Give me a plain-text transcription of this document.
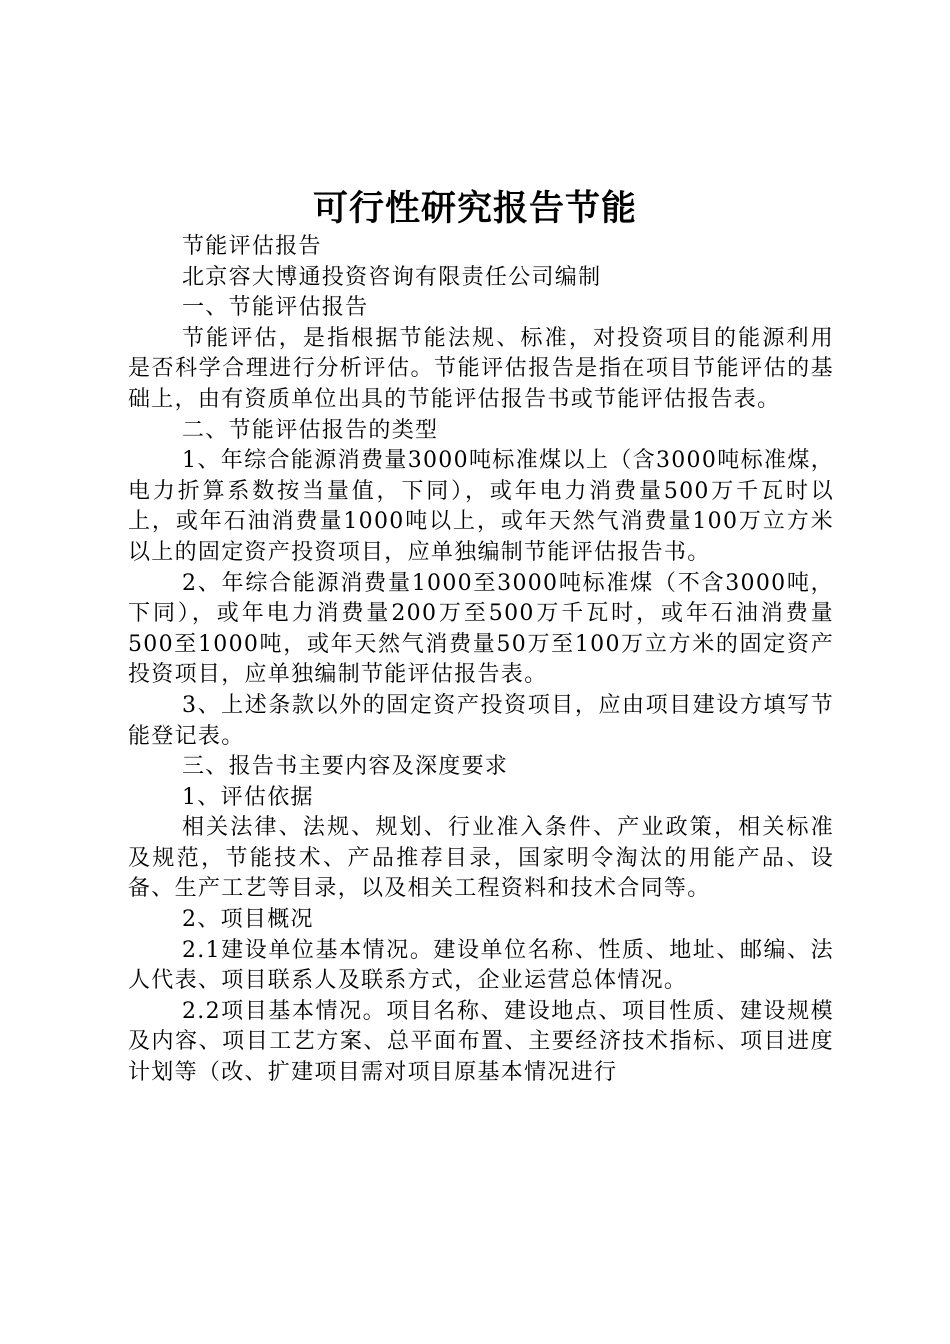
可行性研究报告节能

节能评估报告

北京容大博通投资咨询有限责任公司编制

一、节能评估报告

节能评估，是指根据节能法规、标准，对投资项目的能源利用是否科学合理进行分析评估。节能评估报告是指在项目节能评估的基础上，由有资质单位出具的节能评估报告书或节能评估报告表。

二、节能评估报告的类型

1、年综合能源消费量3000吨标准煤以上（含3000吨标准煤，电力折算系数按当量值，下同），或年电力消费量500万千瓦时以上，或年石油消费量1000吨以上，或年天然气消费量100万立方米以上的固定资产投资项目，应单独编制节能评估报告书。

2、年综合能源消费量1000至3000吨标准煤（不含3000吨，下同），或年电力消费量200万至500万千瓦时，或年石油消费量500至1000吨，或年天然气消费量50万至100万立方米的固定资产投资项目，应单独编制节能评估报告表。

3、上述条款以外的固定资产投资项目，应由项目建设方填写节能登记表。

三、报告书主要内容及深度要求

1、评估依据

相关法律、法规、规划、行业准入条件、产业政策，相关标准及规范，节能技术、产品推荐目录，国家明令淘汰的用能产品、设备、生产工艺等目录，以及相关工程资料和技术合同等。

2、项目概况

2.1建设单位基本情况。建设单位名称、性质、地址、邮编、法人代表、项目联系人及联系方式，企业运营总体情况。

2.2项目基本情况。项目名称、建设地点、项目性质、建设规模及内容、项目工艺方案、总平面布置、主要经济技术指标、项目进度计划等（改、扩建项目需对项目原基本情况进行
